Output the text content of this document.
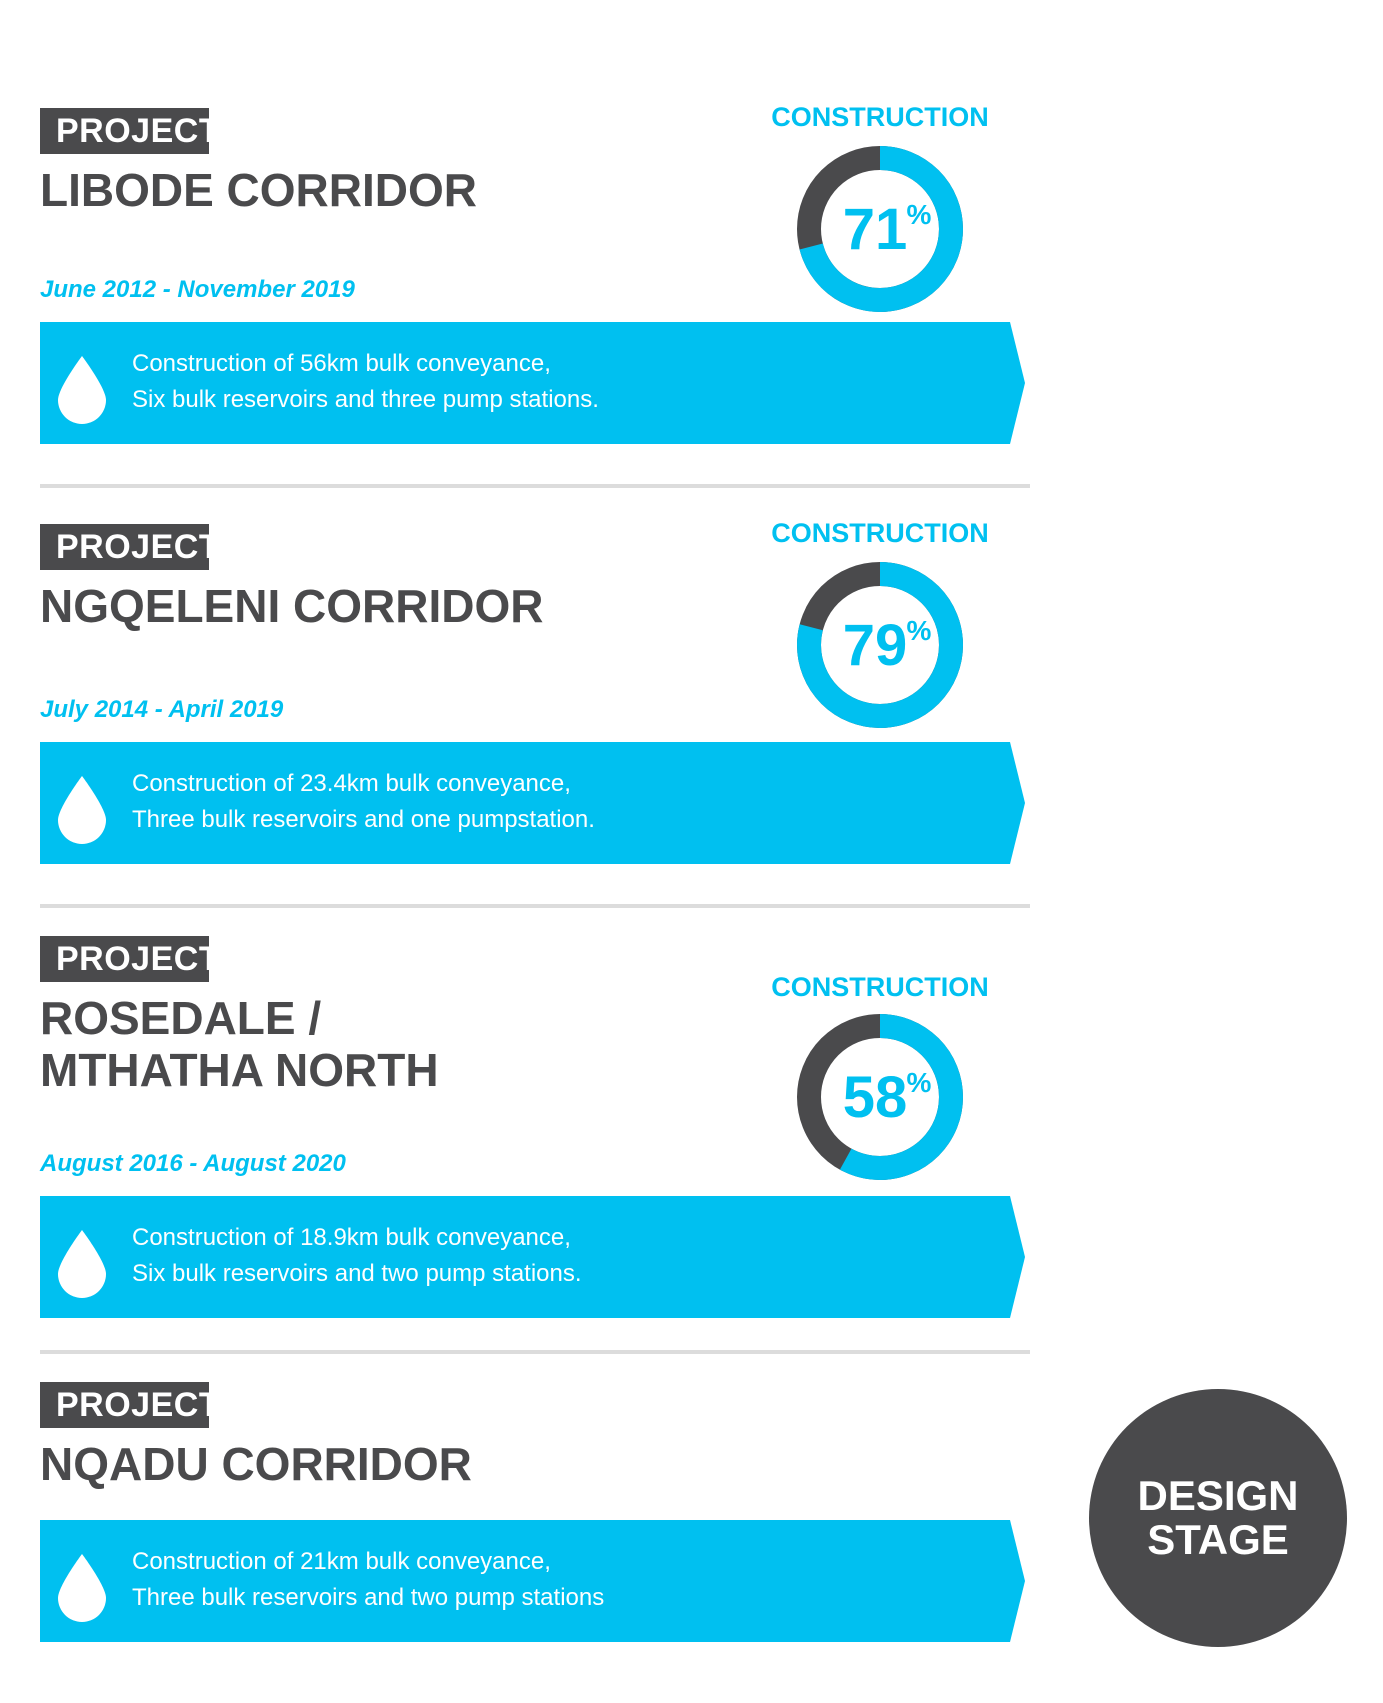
PROJECT
LIBODE CORRIDOR
June 2012 - November 2019
Construction of 56km bulk conveyance,
Six bulk reservoirs and three pump stations.
CONSTRUCTION
71 %
PROJECT
NGQELENI CORRIDOR
July 2014 - April 2019
Construction of 23.4km bulk conveyance,
Three bulk reservoirs and one pumpstation.
CONSTRUCTION
79 %
PROJECT
ROSEDALE /
MTHATHA NORTH
August 2016 - August 2020
Construction of 18.9km bulk conveyance,
Six bulk reservoirs and two pump stations.
CONSTRUCTION
58 %
PROJECT
NQADU CORRIDOR
Construction of 21km bulk conveyance,
Three bulk reservoirs and two pump stations
DESIGN
STAGE
